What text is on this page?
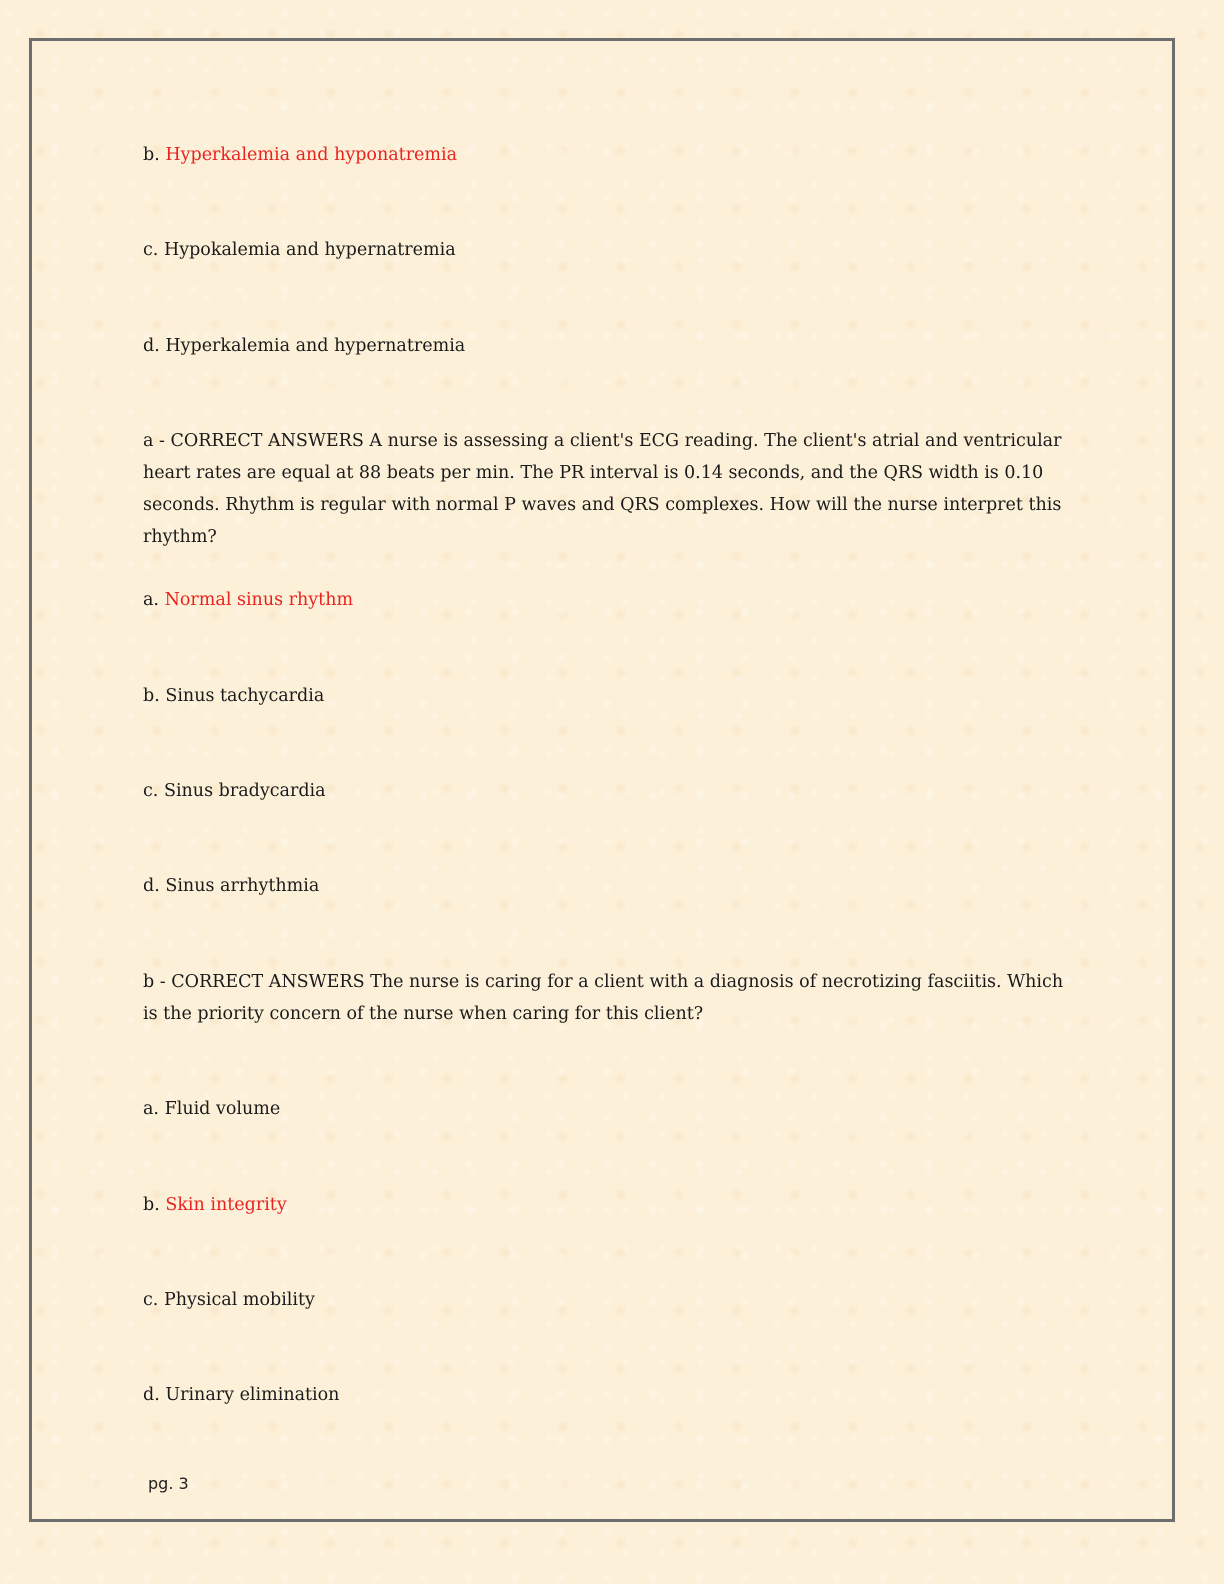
b. Hyperkalemia and hyponatremia

c. Hypokalemia and hypernatremia

d. Hyperkalemia and hypernatremia

a - CORRECT ANSWERS A nurse is assessing a client's ECG reading. The client's atrial and ventricular heart rates are equal at 88 beats per min. The PR interval is 0.14 seconds, and the QRS width is 0.10 seconds. Rhythm is regular with normal P waves and QRS complexes. How will the nurse interpret this rhythm?

a. Normal sinus rhythm

b. Sinus tachycardia

c. Sinus bradycardia

d. Sinus arrhythmia

b - CORRECT ANSWERS The nurse is caring for a client with a diagnosis of necrotizing fasciitis. Which is the priority concern of the nurse when caring for this client?

a. Fluid volume

b. Skin integrity

c. Physical mobility

d. Urinary elimination

pg. 3
